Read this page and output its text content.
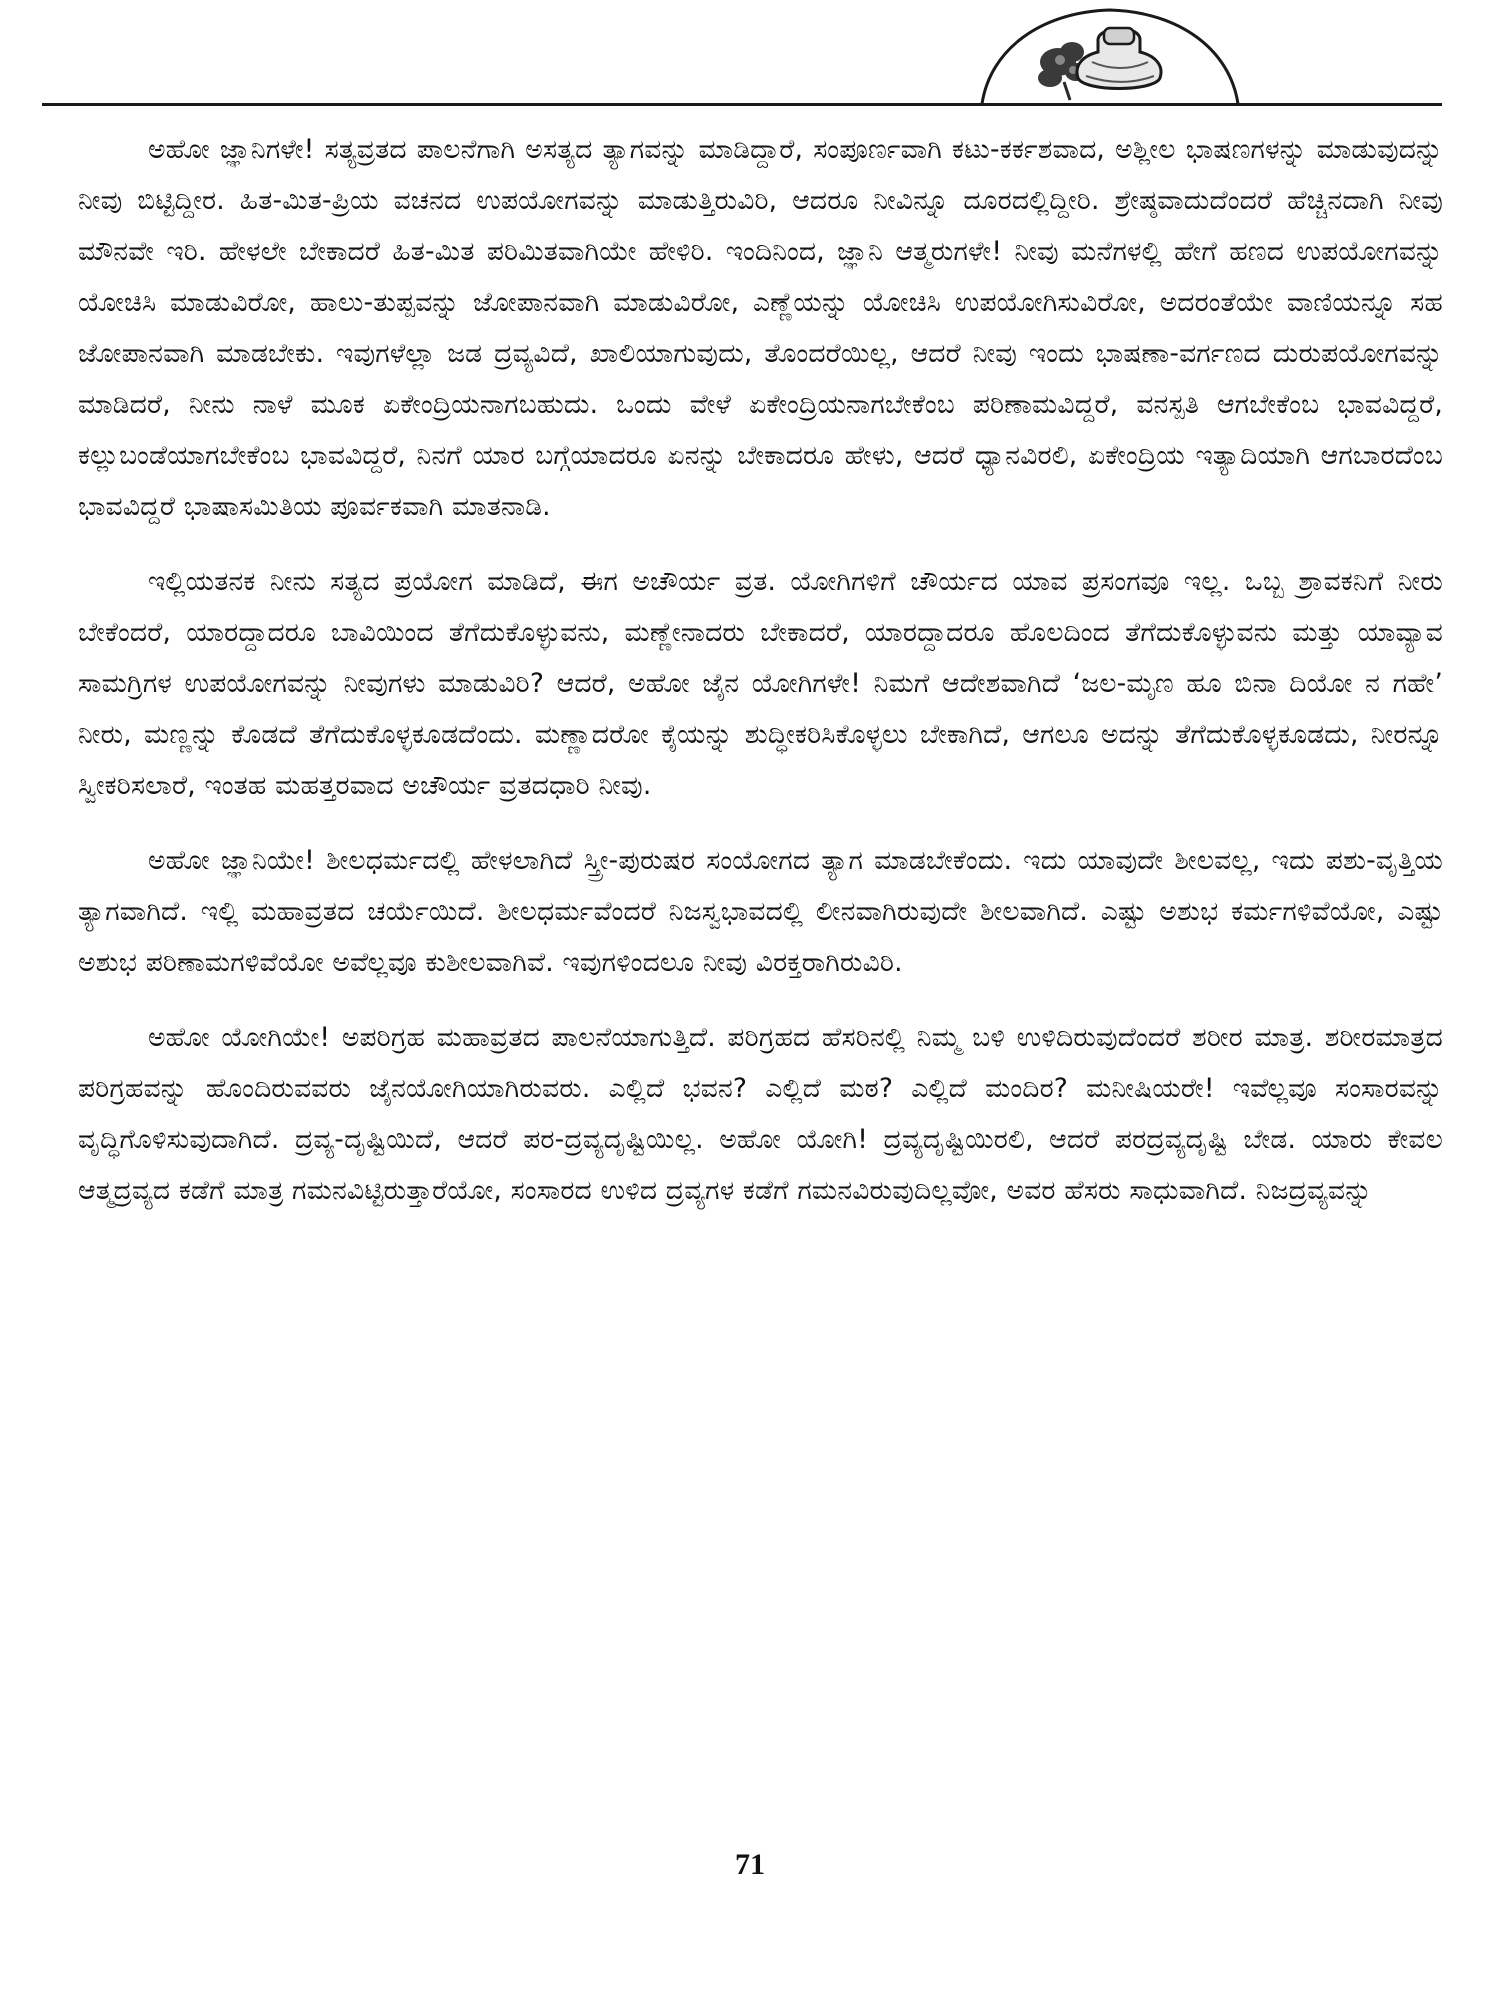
ಅಹೋ ಜ್ಞಾನಿಗಳೇ! ಸತ್ಯವ್ರತದ ಪಾಲನೆಗಾಗಿ ಅಸತ್ಯದ ತ್ಯಾಗವನ್ನು ಮಾಡಿದ್ದಾರೆ, ಸಂಪೂರ್ಣವಾಗಿ ಕಟು-ಕರ್ಕಶವಾದ, ಅಶ್ಲೀಲ ಭಾಷಣಗಳನ್ನು ಮಾಡುವುದನ್ನು ನೀವು ಬಿಟ್ಟಿದ್ದೀರ. ಹಿತ-ಮಿತ-ಪ್ರಿಯ ವಚನದ ಉಪಯೋಗವನ್ನು ಮಾಡುತ್ತಿರುವಿರಿ, ಆದರೂ ನೀವಿನ್ನೂ ದೂರದಲ್ಲಿದ್ದೀರಿ. ಶ್ರೇಷ್ಠವಾದುದೆಂದರೆ ಹೆಚ್ಚಿನದಾಗಿ ನೀವು ಮೌನವೇ ಇರಿ. ಹೇಳಲೇ ಬೇಕಾದರೆ ಹಿತ-ಮಿತ ಪರಿಮಿತವಾಗಿಯೇ ಹೇಳಿರಿ. ಇಂದಿನಿಂದ, ಜ್ಞಾನಿ ಆತ್ಮರುಗಳೇ! ನೀವು ಮನೆಗಳಲ್ಲಿ ಹೇಗೆ ಹಣದ ಉಪಯೋಗವನ್ನು ಯೋಚಿಸಿ ಮಾಡುವಿರೋ, ಹಾಲು-ತುಪ್ಪವನ್ನು ಜೋಪಾನವಾಗಿ ಮಾಡುವಿರೋ, ಎಣ್ಣೆಯನ್ನು ಯೋಚಿಸಿ ಉಪಯೋಗಿಸುವಿರೋ, ಅದರಂತೆಯೇ ವಾಣಿಯನ್ನೂ ಸಹ ಜೋಪಾನವಾಗಿ ಮಾಡಬೇಕು. ಇವುಗಳೆಲ್ಲಾ ಜಡ ದ್ರವ್ಯವಿದೆ, ಖಾಲಿಯಾಗುವುದು, ತೊಂದರೆಯಿಲ್ಲ, ಆದರೆ ನೀವು ಇಂದು ಭಾಷಣಾ-ವರ್ಗಣದ ದುರುಪಯೋಗವನ್ನು ಮಾಡಿದರೆ, ನೀನು ನಾಳೆ ಮೂಕ ಏಕೇಂದ್ರಿಯನಾಗಬಹುದು. ಒಂದು ವೇಳೆ ಏಕೇಂದ್ರಿಯನಾಗಬೇಕೆಂಬ ಪರಿಣಾಮವಿದ್ದರೆ, ವನಸ್ಪತಿ ಆಗಬೇಕೆಂಬ ಭಾವವಿದ್ದರೆ, ಕಲ್ಲುಬಂಡೆಯಾಗಬೇಕೆಂಬ ಭಾವವಿದ್ದರೆ, ನಿನಗೆ ಯಾರ ಬಗ್ಗೆಯಾದರೂ ಏನನ್ನು ಬೇಕಾದರೂ ಹೇಳು, ಆದರೆ ಧ್ಯಾನವಿರಲಿ, ಏಕೇಂದ್ರಿಯ ಇತ್ಯಾದಿಯಾಗಿ ಆಗಬಾರದೆಂಬ ಭಾವವಿದ್ದರೆ ಭಾಷಾಸಮಿತಿಯ ಪೂರ್ವಕವಾಗಿ ಮಾತನಾಡಿ.

ಇಲ್ಲಿಯತನಕ ನೀನು ಸತ್ಯದ ಪ್ರಯೋಗ ಮಾಡಿದೆ, ಈಗ ಅಚೌರ್ಯ ವ್ರತ. ಯೋಗಿಗಳಿಗೆ ಚೌರ್ಯದ ಯಾವ ಪ್ರಸಂಗವೂ ಇಲ್ಲ. ಒಬ್ಬ ಶ್ರಾವಕನಿಗೆ ನೀರು ಬೇಕೆಂದರೆ, ಯಾರದ್ದಾದರೂ ಬಾವಿಯಿಂದ ತೆಗೆದುಕೊಳ್ಳುವನು, ಮಣ್ಣೇನಾದರು ಬೇಕಾದರೆ, ಯಾರದ್ದಾದರೂ ಹೊಲದಿಂದ ತೆಗೆದುಕೊಳ್ಳುವನು ಮತ್ತು ಯಾವ್ಯಾವ ಸಾಮಗ್ರಿಗಳ ಉಪಯೋಗವನ್ನು ನೀವುಗಳು ಮಾಡುವಿರಿ? ಆದರೆ, ಅಹೋ ಜೈನ ಯೋಗಿಗಳೇ! ನಿಮಗೆ ಆದೇಶವಾಗಿದೆ ‘ಜಲ-ಮೃಣ ಹೂ ಬಿನಾ ದಿಯೋ ನ ಗಹೇ’ ನೀರು, ಮಣ್ಣನ್ನು ಕೊಡದೆ ತೆಗೆದುಕೊಳ್ಳಕೂಡದೆಂದು. ಮಣ್ಣಾದರೋ ಕೈಯನ್ನು ಶುದ್ಧೀಕರಿಸಿಕೊಳ್ಳಲು ಬೇಕಾಗಿದೆ, ಆಗಲೂ ಅದನ್ನು ತೆಗೆದುಕೊಳ್ಳಕೂಡದು, ನೀರನ್ನೂ ಸ್ವೀಕರಿಸಲಾರೆ, ಇಂತಹ ಮಹತ್ತರವಾದ ಅಚೌರ್ಯ ವ್ರತದಧಾರಿ ನೀವು.

ಅಹೋ ಜ್ಞಾನಿಯೇ! ಶೀಲಧರ್ಮದಲ್ಲಿ ಹೇಳಲಾಗಿದೆ ಸ್ತ್ರೀ-ಪುರುಷರ ಸಂಯೋಗದ ತ್ಯಾಗ ಮಾಡಬೇಕೆಂದು. ಇದು ಯಾವುದೇ ಶೀಲವಲ್ಲ, ಇದು ಪಶು-ವೃತ್ತಿಯ ತ್ಯಾಗವಾಗಿದೆ. ಇಲ್ಲಿ ಮಹಾವ್ರತದ ಚರ್ಯೆಯಿದೆ. ಶೀಲಧರ್ಮವೆಂದರೆ ನಿಜಸ್ವಭಾವದಲ್ಲಿ ಲೀನವಾಗಿರುವುದೇ ಶೀಲವಾಗಿದೆ. ಎಷ್ಟು ಅಶುಭ ಕರ್ಮಗಳಿವೆಯೋ, ಎಷ್ಟು ಅಶುಭ ಪರಿಣಾಮಗಳಿವೆಯೋ ಅವೆಲ್ಲವೂ ಕುಶೀಲವಾಗಿವೆ. ಇವುಗಳಿಂದಲೂ ನೀವು ವಿರಕ್ತರಾಗಿರುವಿರಿ.

ಅಹೋ ಯೋಗಿಯೇ! ಅಪರಿಗ್ರಹ ಮಹಾವ್ರತದ ಪಾಲನೆಯಾಗುತ್ತಿದೆ. ಪರಿಗ್ರಹದ ಹೆಸರಿನಲ್ಲಿ ನಿಮ್ಮ ಬಳಿ ಉಳಿದಿರುವುದೆಂದರೆ ಶರೀರ ಮಾತ್ರ. ಶರೀರಮಾತ್ರದ ಪರಿಗ್ರಹವನ್ನು ಹೊಂದಿರುವವರು ಜೈನಯೋಗಿಯಾಗಿರುವರು. ಎಲ್ಲಿದೆ ಭವನ? ಎಲ್ಲಿದೆ ಮಠ? ಎಲ್ಲಿದೆ ಮಂದಿರ? ಮನೀಷಿಯರೇ! ಇವೆಲ್ಲವೂ ಸಂಸಾರವನ್ನು ವೃದ್ಧಿಗೊಳಿಸುವುದಾಗಿದೆ. ದ್ರವ್ಯ-ದೃಷ್ಟಿಯಿದೆ, ಆದರೆ ಪರ-ದ್ರವ್ಯದೃಷ್ಟಿಯಿಲ್ಲ. ಅಹೋ ಯೋಗಿ! ದ್ರವ್ಯದೃಷ್ಟಿಯಿರಲಿ, ಆದರೆ ಪರದ್ರವ್ಯದೃಷ್ಟಿ ಬೇಡ. ಯಾರು ಕೇವಲ ಆತ್ಮದ್ರವ್ಯದ ಕಡೆಗೆ ಮಾತ್ರ ಗಮನವಿಟ್ಟಿರುತ್ತಾರೆಯೋ, ಸಂಸಾರದ ಉಳಿದ ದ್ರವ್ಯಗಳ ಕಡೆಗೆ ಗಮನವಿರುವುದಿಲ್ಲವೋ, ಅವರ ಹೆಸರು ಸಾಧುವಾಗಿದೆ. ನಿಜದ್ರವ್ಯವನ್ನು

71
